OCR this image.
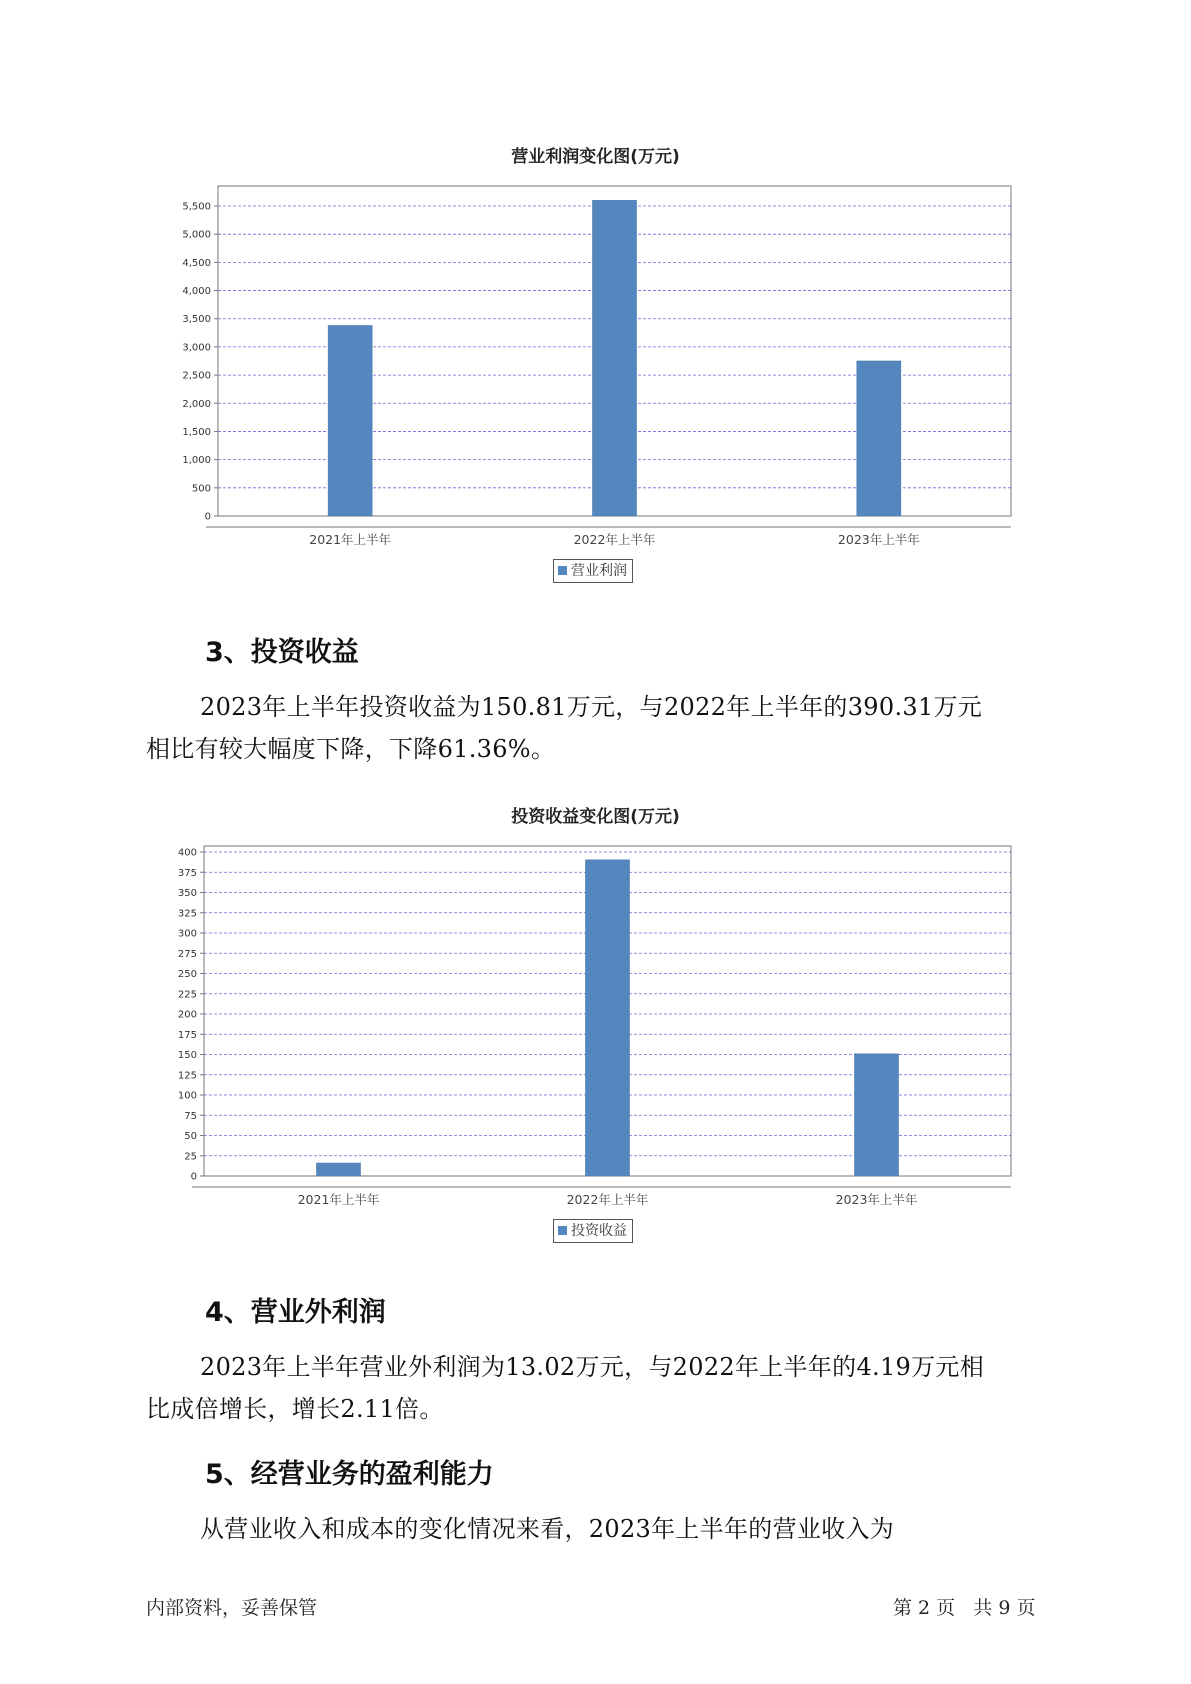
营业利润变化图(万元)
0
500
1,000
1,500
2,000
2,500
3,000
3,500
4,000
4,500
5,000
5,500
2021年上半年	2022年上半年	2023年上半年
营业利润
3、投资收益
2023年上半年投资收益为150.81万元，与2022年上半年的390.31万元
相比有较大幅度下降，下降61.36%。
投资收益变化图(万元)
0
25
50
75
100
125
150
175
200
225
250
275
300
325
350
375
400
2021年上半年	2022年上半年	2023年上半年
投资收益
4、营业外利润
2023年上半年营业外利润为13.02万元，与2022年上半年的4.19万元相
比成倍增长，增长2.11倍。
5、经营业务的盈利能力
从营业收入和成本的变化情况来看，2023年上半年的营业收入为
内部资料，妥善保管	第 2 页   共 9 页
